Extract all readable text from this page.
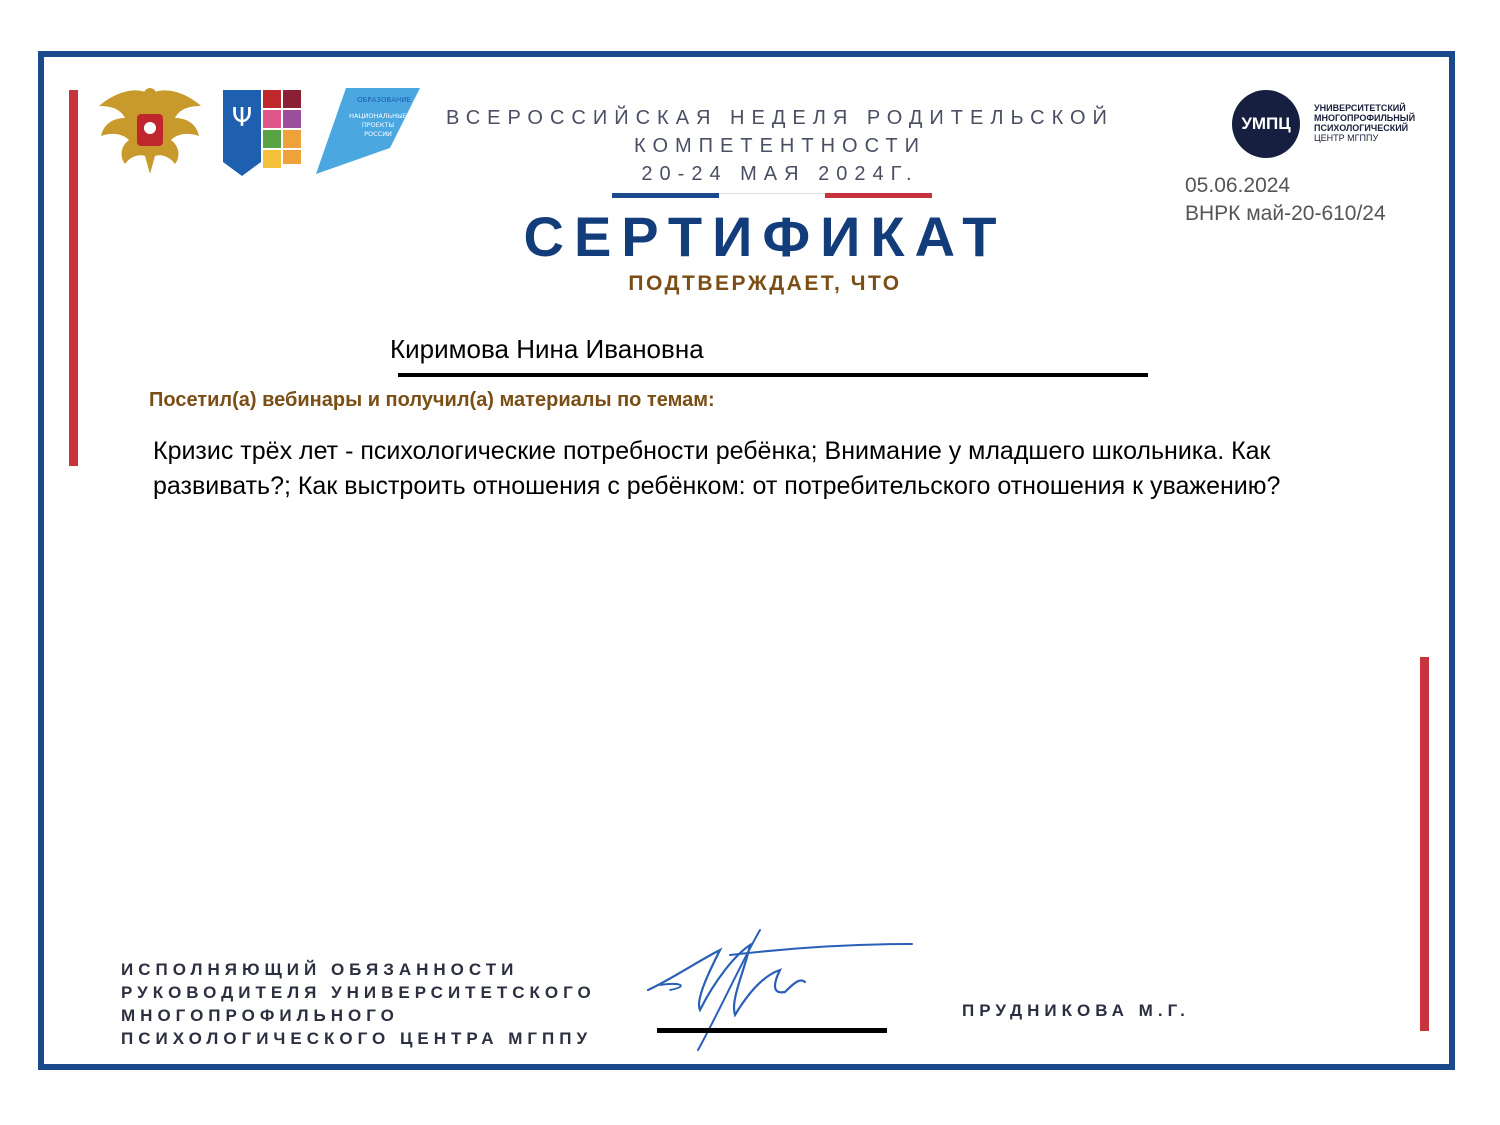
Ψ
ОБРАЗОВАНИЕ
НАЦИОНАЛЬНЫЕ
ПРОЕКТЫ
РОССИИ
ВСЕРОССИЙСКАЯ НЕДЕЛЯ РОДИТЕЛЬСКОЙ
КОМПЕТЕНТНОСТИ
20-24 МАЯ 2024Г.
СЕРТИФИКАТ
ПОДТВЕРЖДАЕТ, ЧТО
УМПЦ
УНИВЕРСИТЕТСКИЙ
МНОГОПРОФИЛЬНЫЙ
ПСИХОЛОГИЧЕСКИЙ
ЦЕНТР МГППУ
05.06.2024
ВНРК май-20-610/24
Киримова Нина Ивановна
Посетил(а) вебинары и получил(а) материалы по темам:
Кризис трёх лет - психологические потребности ребёнка; Внимание у младшего школьника. Как развивать?; Как выстроить отношения с ребёнком: от потребительского отношения к уважению?
ИСПОЛНЯЮЩИЙ ОБЯЗАННОСТИ
РУКОВОДИТЕЛЯ УНИВЕРСИТЕТСКОГО
МНОГОПРОФИЛЬНОГО
ПСИХОЛОГИЧЕСКОГО ЦЕНТРА МГППУ
ПРУДНИКОВА М.Г.
